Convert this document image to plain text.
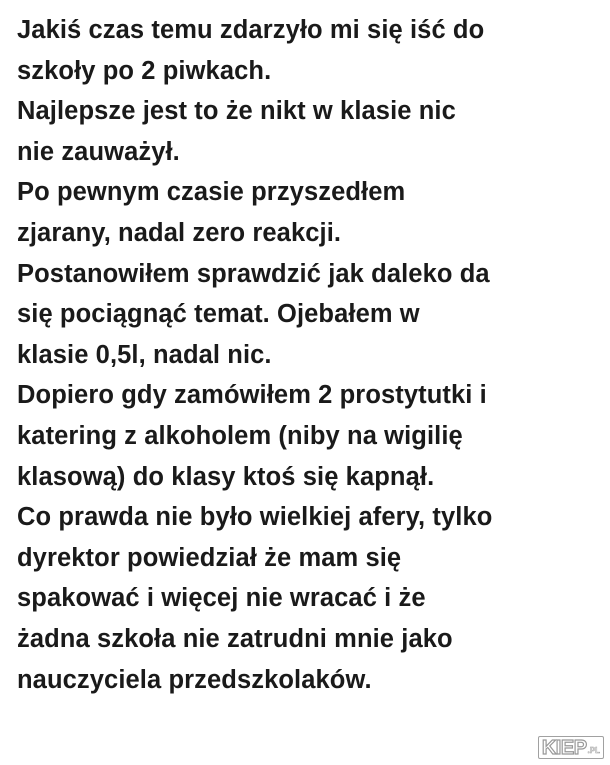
Jakiś czas temu zdarzyło mi się iść do
szkoły po 2 piwkach.
Najlepsze jest to że nikt w klasie nic
nie zauważył.
Po pewnym czasie przyszedłem
zjarany, nadal zero reakcji.
Postanowiłem sprawdzić jak daleko da
się pociągnąć temat. Ojebałem w
klasie 0,5l, nadal nic.
Dopiero gdy zamówiłem 2 prostytutki i
katering z alkoholem (niby na wigilię
klasową) do klasy ktoś się kapnął.
Co prawda nie było wielkiej afery, tylko
dyrektor powiedział że mam się
spakować i więcej nie wracać i że
żadna szkoła nie zatrudni mnie jako
nauczyciela przedszkolaków.
KIEP .PL
